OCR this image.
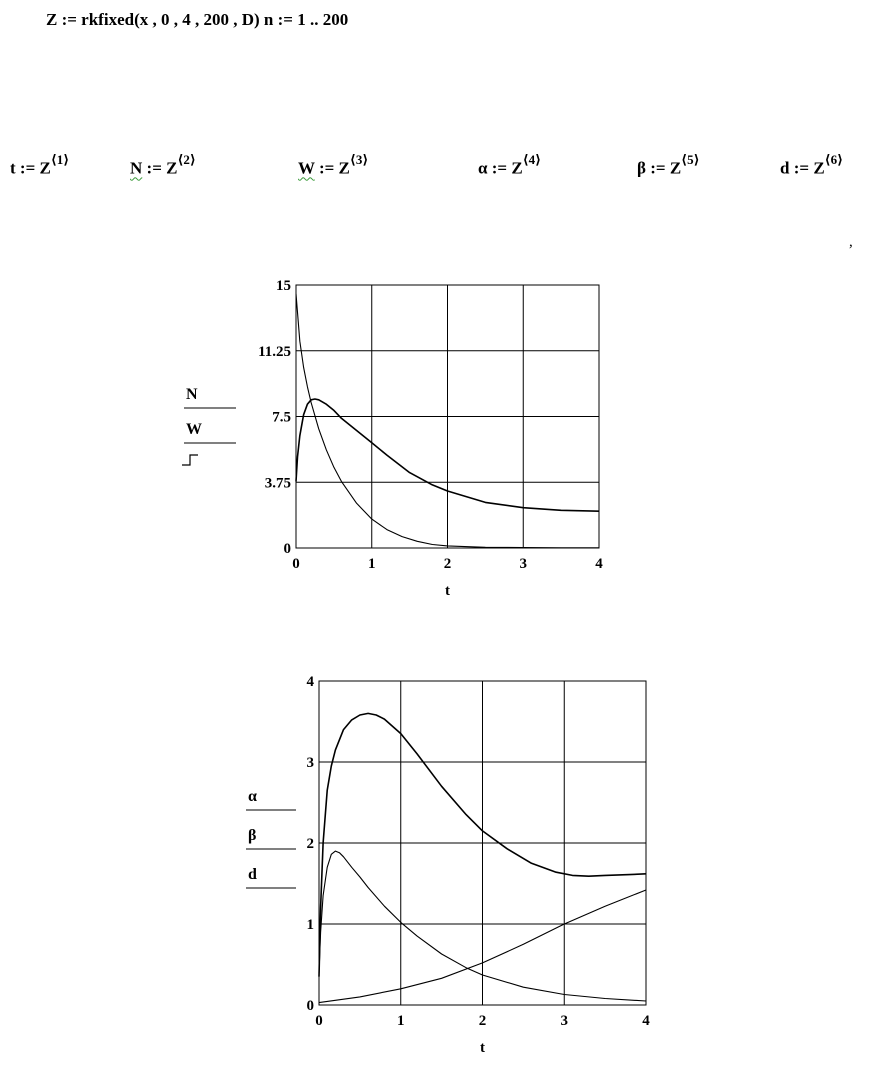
Z := rkfixed(x , 0 , 4 , 200 , D) n := 1 .. 200
t := $Z^{⟨1⟩}$	N := $Z^{⟨2⟩}$	W := $Z^{⟨3⟩}$	α := $Z^{⟨4⟩}$	β := $Z^{⟨5⟩}$	d := $Z^{⟨6⟩}$
,
0	1	2	3	4
0
3.75
7.5
11.25
15
t
N
W
0	1	2	3	4
0
1
2
3
4
t
α
β
d
